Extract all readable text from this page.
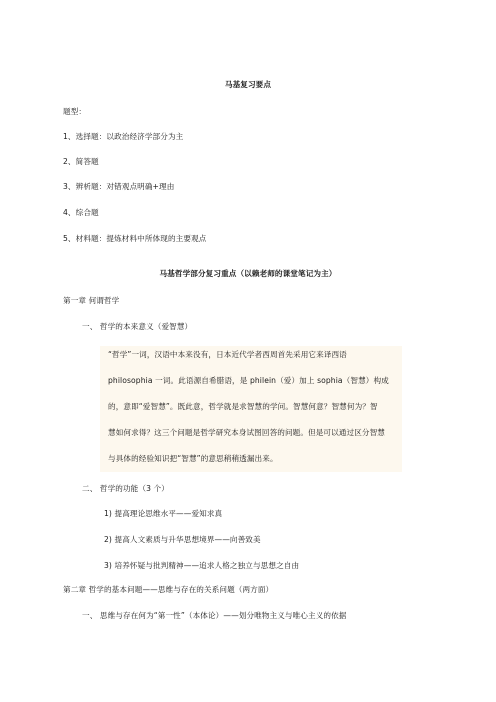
马基复习要点
题型：
1、选择题：以政治经济学部分为主
2、简答题
3、辨析题：对错观点明确+理由
4、综合题
5、材料题：提炼材料中所体现的主要观点
马基哲学部分复习重点（以赖老师的课堂笔记为主）
第一章 何谓哲学
一、 哲学的本来意义（爱智慧）
“哲学”一词，汉语中本来没有，日本近代学者西周首先采用它来译西语
philosophia 一词。此语源自希腊语，是 philein（爱）加上 sophia（智慧）构成
的，意即“爱智慧”。既此意，哲学就是求智慧的学问。智慧何意？智慧何为？智
慧如何求得？这三个问题是哲学研究本身试图回答的问题。但是可以通过区分智慧
与具体的经验知识把“智慧”的意思稍稍透漏出来。
二、 哲学的功能（3 个）
1) 提高理论思维水平——爱知求真
2) 提高人文素质与升华思想境界——向善致美
3) 培养怀疑与批判精神——追求人格之独立与思想之自由
第二章 哲学的基本问题——思维与存在的关系问题（两方面）
一、 思维与存在何为“第一性”（本体论）——划分唯物主义与唯心主义的依据
